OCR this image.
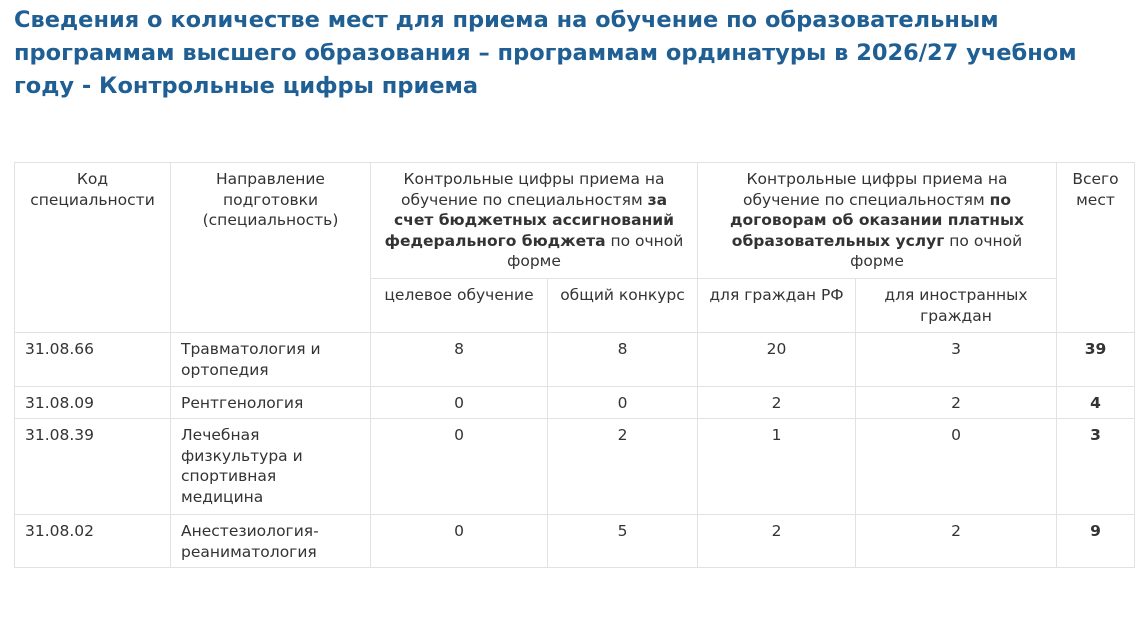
Сведения о количестве мест для приема на обучение по образовательным программам высшего образования – программам ординатуры в 2026/27 учебном году - Контрольные цифры приема
Код специальности	Направление подготовки (специальность)	Контрольные цифры приема на обучение по специальностям за счет бюджетных ассигнований федерального бюджета по очной форме		Контрольные цифры приема на обучение по специальностям по договорам об оказании платных образовательных услуг по очной форме		Всего мест
		целевое обучение	общий конкурс	для граждан РФ	для иностранных граждан	
31.08.66	Травматология и ортопедия	8	8	20	3	39
31.08.09	Рентгенология	0	0	2	2	4
31.08.39	Лечебная физкультура и спортивная медицина	0	2	1	0	3
31.08.02	Анестезиология-реаниматология	0	5	2	2	9
